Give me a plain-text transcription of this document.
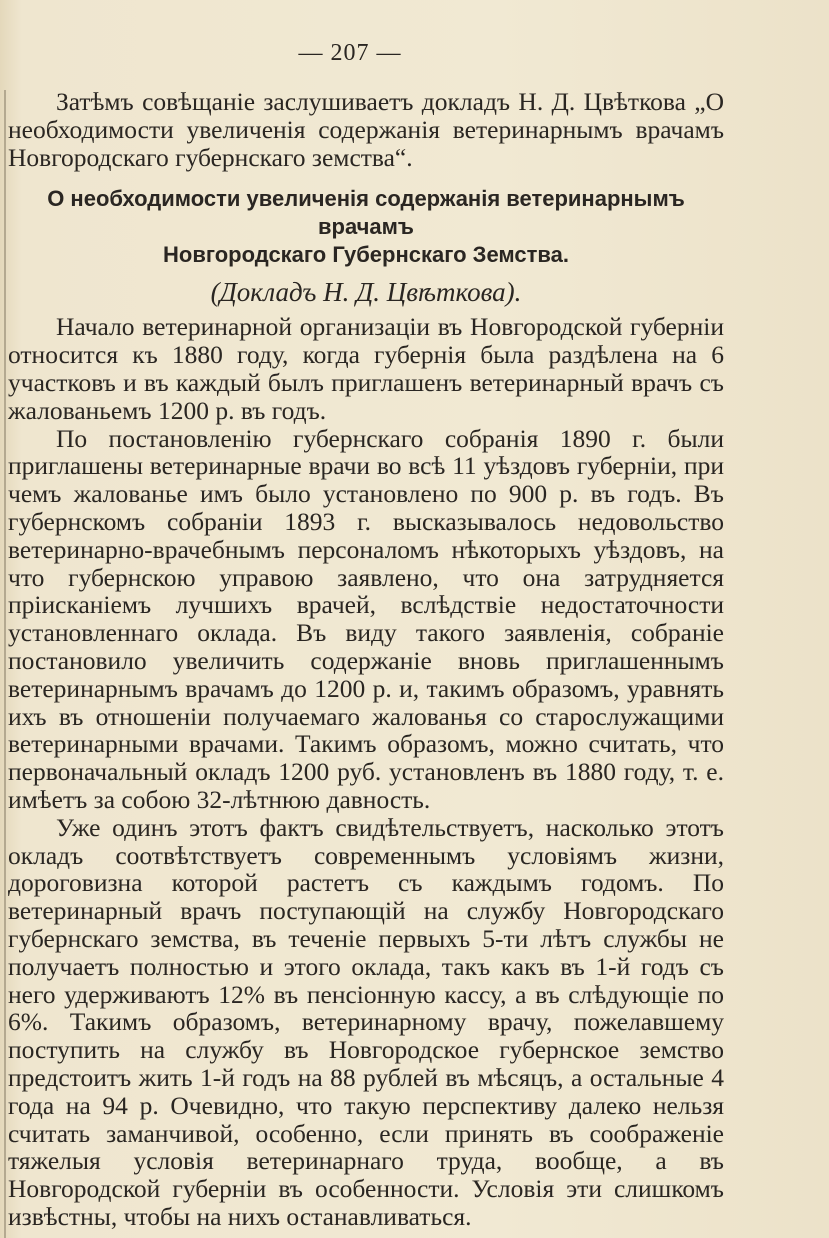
— 207 —

Затѣмъ совѣщаніе заслушиваетъ докладъ Н. Д. Цвѣткова „О необходимости увеличенія содержанія ветеринарнымъ врачамъ Новгородскаго губернскаго земства“.

О необходимости увеличенія содержанія ветеринарнымъ врачамъ
Новгородскаго Губернскаго Земства.
(Докладъ Н. Д. Цвѣткова).

Начало ветеринарной организаціи въ Новгородской губерніи относится къ 1880 году, когда губернія была раздѣлена на 6 участковъ и въ каждый былъ приглашенъ ветеринарный врачъ съ жалованьемъ 1200 р. въ годъ.

По постановленію губернскаго собранія 1890 г. были приглашены ветеринарные врачи во всѣ 11 уѣздовъ губерніи, при чемъ жалованье имъ было установлено по 900 р. въ годъ. Въ губернскомъ собраніи 1893 г. высказывалось недовольство ветеринарно-врачебнымъ персоналомъ нѣкоторыхъ уѣздовъ, на что губернскою управою заявлено, что она затрудняется пріисканіемъ лучшихъ врачей, вслѣдствіе недостаточности установленнаго оклада. Въ виду такого заявленія, собраніе постановило увеличить содержаніе вновь приглашеннымъ ветеринарнымъ врачамъ до 1200 р. и, такимъ образомъ, уравнять ихъ въ отношеніи получаемаго жалованья со старослужащими ветеринарными врачами. Такимъ образомъ, можно считать, что первоначальный окладъ 1200 руб. установленъ въ 1880 году, т. е. имѣетъ за собою 32-лѣтнюю давность.

Уже одинъ этотъ фактъ свидѣтельствуетъ, насколько этотъ окладъ соотвѣтствуетъ современнымъ условіямъ жизни, дороговизна которой растетъ съ каждымъ годомъ. По ветеринарный врачъ поступающій на службу Новгородскаго губернскаго земства, въ теченіе первыхъ 5-ти лѣтъ службы не получаетъ полностью и этого оклада, такъ какъ въ 1-й годъ съ него удерживаютъ 12% въ пенсіонную кассу, а въ слѣдующіе по 6%. Такимъ образомъ, ветеринарному врачу, пожелавшему поступить на службу въ Новгородское губернское земство предстоитъ жить 1-й годъ на 88 рублей въ мѣсяцъ, а остальные 4 года на 94 р. Очевидно, что такую перспективу далеко нельзя считать заманчивой, особенно, если принять въ соображеніе тяжелыя условія ветеринарнаго труда, вообще, а въ Новгородской губерніи въ особенности. Условія эти слишкомъ извѣстны, чтобы на нихъ останавливаться.
